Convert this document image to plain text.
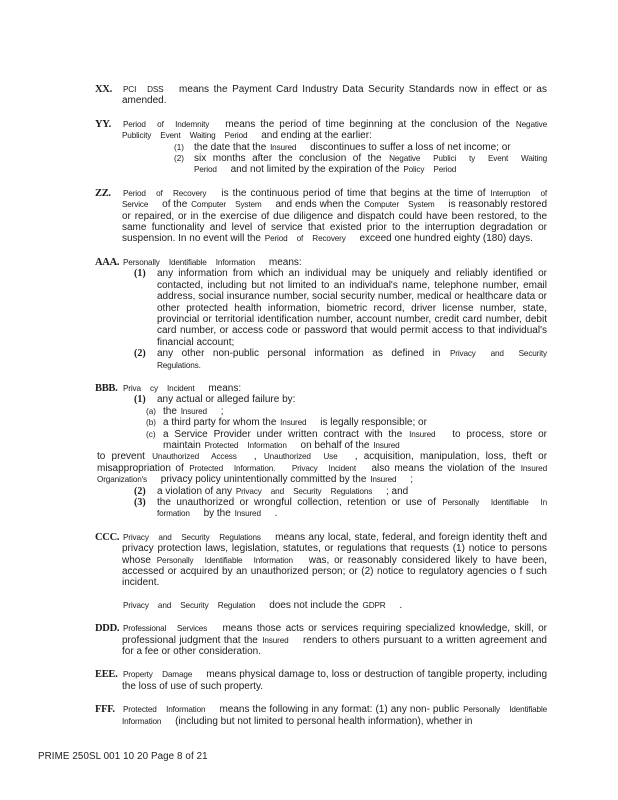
XX. PCI DSS means the Payment Card Industry Data Security Standards now in effect or as amended.
YY. Period of Indemnity means the period of time beginning at the conclusion of the Negative Publicity Event Waiting Period and ending at the earlier:
(1) the date that the Insured discontinues to suffer a loss of net income; or
(2) six months after the conclusion of the Negative Publici ty Event Waiting Period and not limited by the expiration of the Policy Period
ZZ. Period of Recovery is the continuous period of time that begins at the time of Interruption of Service of the Computer System and ends when the Computer System is reasonably restored or repaired, or in the exercise of due diligence and dispatch could have been restored, to the same functionality and level of service that existed prior to the interruption degradation or suspension. In no event will the Period of Recovery exceed one hundred eighty (180) days.
AAA. Personally Identifiable Information means:
(1) any information from which an individual may be uniquely and reliably identified or contacted, including but not limited to an individual's name, telephone number, email address, social insurance number, social security number, medical or healthcare data or other protected health information, biometric record, driver license number, state, provincial or territorial identification number, account number, credit card number, debit card number, or access code or password that would permit access to that individual's financial account;
(2) any other non-public personal information as defined in Privacy and Security Regulations.
BBB. Priva cy Incident means:
(1) any actual or alleged failure by:
(a) the Insured ;
(b) a third party for whom the Insured is legally responsible; or
(c) a Service Provider under written contract with the Insured to process, store or maintain Protected Information on behalf of the Insured
to prevent Unauthorized Access , Unauthorized Use , acquisition, manipulation, loss, theft or misappropriation of Protected Information. Privacy Incident also means the violation of the Insured Organization's privacy policy unintentionally committed by the Insured ;
(2) a violation of any Privacy and Security Regulations ; and
(3) the unauthorized or wrongful collection, retention or use of Personally Identifiable In formation by the Insured .
CCC. Privacy and Security Regulations means any local, state, federal, and foreign identity theft and privacy protection laws, legislation, statutes, or regulations that requests (1) notice to persons whose Personally Identifiable Information was, or reasonably considered likely to have been, accessed or acquired by an unauthorized person; or (2) notice to regulatory agencies o f such incident.
Privacy and Security Regulation does not include the GDPR .
DDD. Professional Services means those acts or services requiring specialized knowledge, skill, or professional judgment that the Insured renders to others pursuant to a written agreement and for a fee or other consideration.
EEE. Property Damage means physical damage to, loss or destruction of tangible property, including the loss of use of such property.
FFF. Protected Information means the following in any format: (1) any non- public Personally Identifiable Information (including but not limited to personal health information), whether in
PRIME 250SL 001 10 20 Page 8 of 21
